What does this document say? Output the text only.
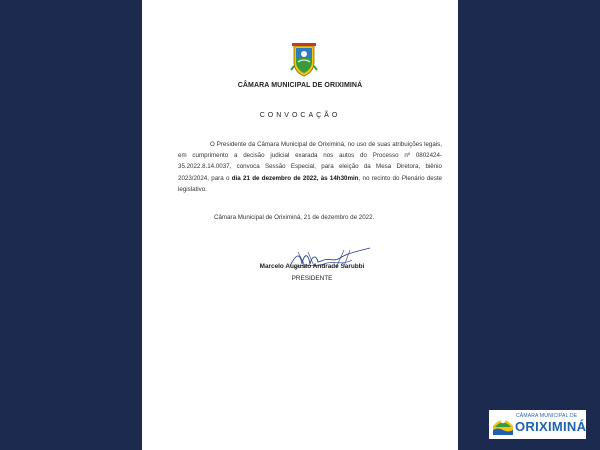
CÂMARA MUNICIPAL DE ORIXIMINÁ
CONVOCAÇÃO
O Presidente da Câmara Municipal de Oriximiná, no uso de suas atribuições legais, em cumprimento a decisão judicial exarada nos autos do Processo nº 0802424-35.2022.8.14.0037, convoca Sessão Especial, para eleição da Mesa Diretora, biênio 2023/2024, para o dia 21 de dezembro de 2022, às 14h30min, no recinto do Plenário deste legislativo.
Câmara Municipal de Oriximiná, 21 de dezembro de 2022.
Marcelo Augusto Andrade Sarubbi
PRESIDENTE
CÂMARA MUNICIPAL DE
ORIXIMINÁ
